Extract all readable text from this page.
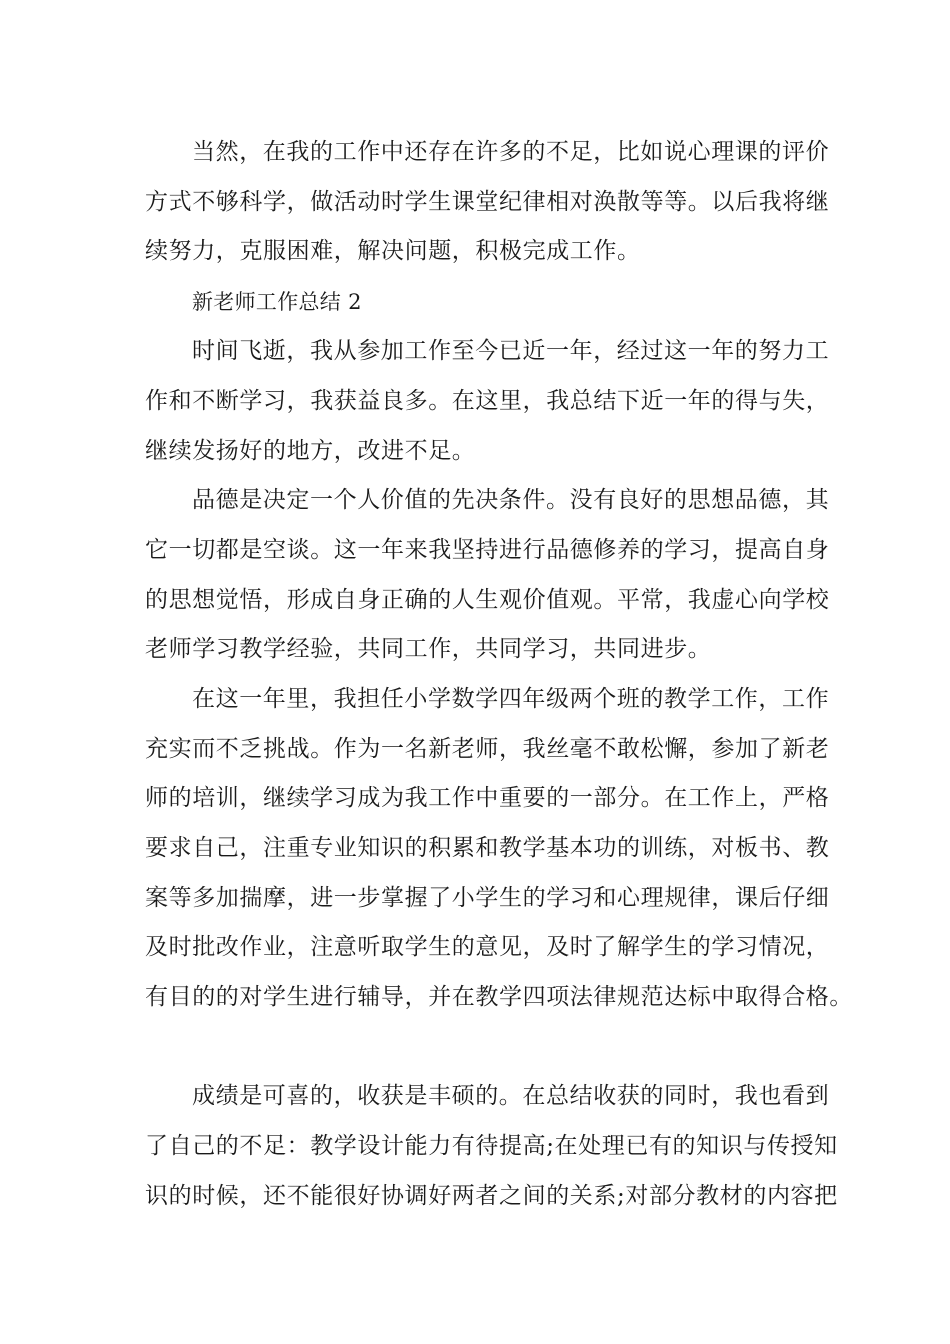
当然，在我的工作中还存在许多的不足，比如说心理课的评价
方式不够科学，做活动时学生课堂纪律相对涣散等等。以后我将继
续努力，克服困难，解决问题，积极完成工作。
新老师工作总结 2
时间飞逝，我从参加工作至今已近一年，经过这一年的努力工
作和不断学习，我获益良多。在这里，我总结下近一年的得与失，
继续发扬好的地方，改进不足。
品德是决定一个人价值的先决条件。没有良好的思想品德，其
它一切都是空谈。这一年来我坚持进行品德修养的学习，提高自身
的思想觉悟，形成自身正确的人生观价值观。平常，我虚心向学校
老师学习教学经验，共同工作，共同学习，共同进步。
在这一年里，我担任小学数学四年级两个班的教学工作，工作
充实而不乏挑战。作为一名新老师，我丝毫不敢松懈，参加了新老
师的培训，继续学习成为我工作中重要的一部分。在工作上，严格
要求自己，注重专业知识的积累和教学基本功的训练，对板书、教
案等多加揣摩，进一步掌握了小学生的学习和心理规律，课后仔细
及时批改作业，注意听取学生的意见，及时了解学生的学习情况，
有目的的对学生进行辅导，并在教学四项法律规范达标中取得合格。
成绩是可喜的，收获是丰硕的。在总结收获的同时，我也看到
了自己的不足：教学设计能力有待提高;在处理已有的知识与传授知
识的时候，还不能很好协调好两者之间的关系;对部分教材的内容把
